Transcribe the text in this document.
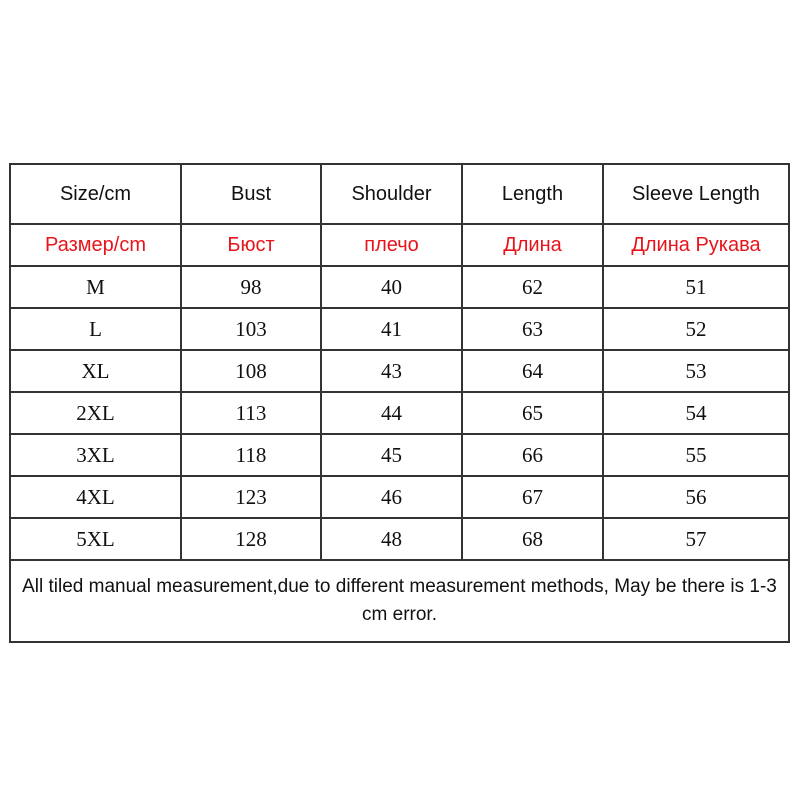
Size/cm	Bust	Shoulder	Length	Sleeve Length
Размер/cm	Бюст	плечо	Длина	Длина Рукава
M	98	40	62	51
L	103	41	63	52
XL	108	43	64	53
2XL	113	44	65	54
3XL	118	45	66	55
4XL	123	46	67	56
5XL	128	48	68	57
All tiled manual measurement,due to different measurement methods, May be there is 1-3 cm error.				
